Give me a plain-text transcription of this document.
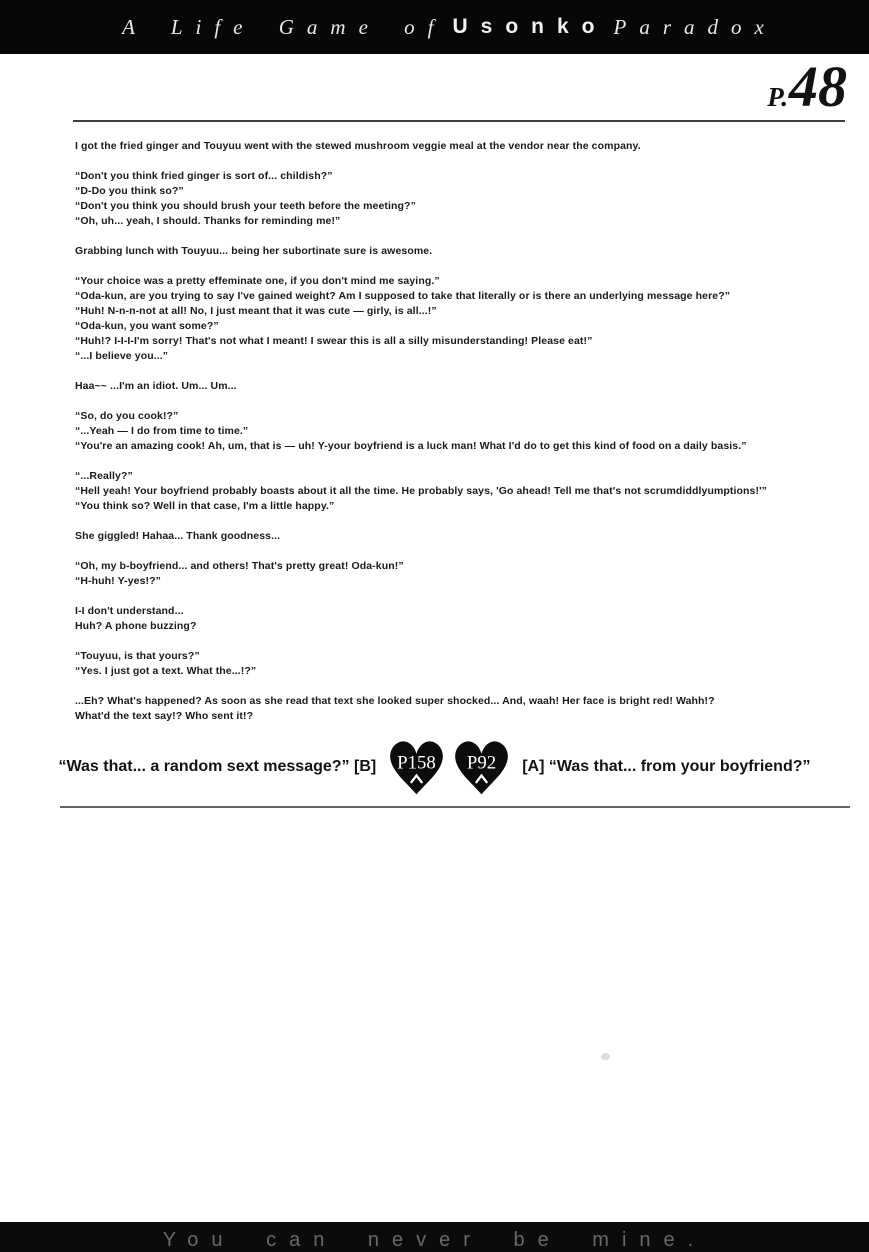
A Life Game of Usonko Paradox
P. 48
I got the fried ginger and Touyuu went with the stewed mushroom veggie meal at the vendor near the company.
“Don't you think fried ginger is sort of... childish?”
“D-Do you think so?”
“Don't you think you should brush your teeth before the meeting?”
“Oh, uh... yeah, I should. Thanks for reminding me!”
Grabbing lunch with Touyuu... being her subortinate sure is awesome.
“Your choice was a pretty effeminate one, if you don't mind me saying.”
“Oda-kun, are you trying to say I've gained weight? Am I supposed to take that literally or is there an underlying message here?”
“Huh! N-n-n-not at all! No, I just meant that it was cute — girly, is all...!”
“Oda-kun, you want some?”
“Huh!? I-I-I-I'm sorry! That's not what I meant! I swear this is all a silly misunderstanding! Please eat!”
“...I believe you...”
Haa~~ ...I'm an idiot. Um... Um...
“So, do you cook!?”
“...Yeah — I do from time to time.”
“You're an amazing cook! Ah, um, that is — uh! Y-your boyfriend is a luck man! What I'd do to get this kind of food on a daily basis.”
“...Really?”
“Hell yeah! Your boyfriend probably boasts about it all the time. He probably says, 'Go ahead! Tell me that's not scrumdiddlyumptions!'”
“You think so? Well in that case, I'm a little happy.”
She giggled! Hahaa... Thank goodness...
“Oh, my b-boyfriend... and others! That's pretty great! Oda-kun!”
“H-huh! Y-yes!?”
I-I don't understand...
Huh? A phone buzzing?
“Touyuu, is that yours?”
“Yes. I just got a text. What the...!?”
...Eh? What's happened? As soon as she read that text she looked super shocked... And, waah! Her face is bright red! Wahh!?
What'd the text say!? Who sent it!?
“Was that... a random sext message?” [B] P158 P92 [A] “Was that... from your boyfriend?”
You can never be mine.
